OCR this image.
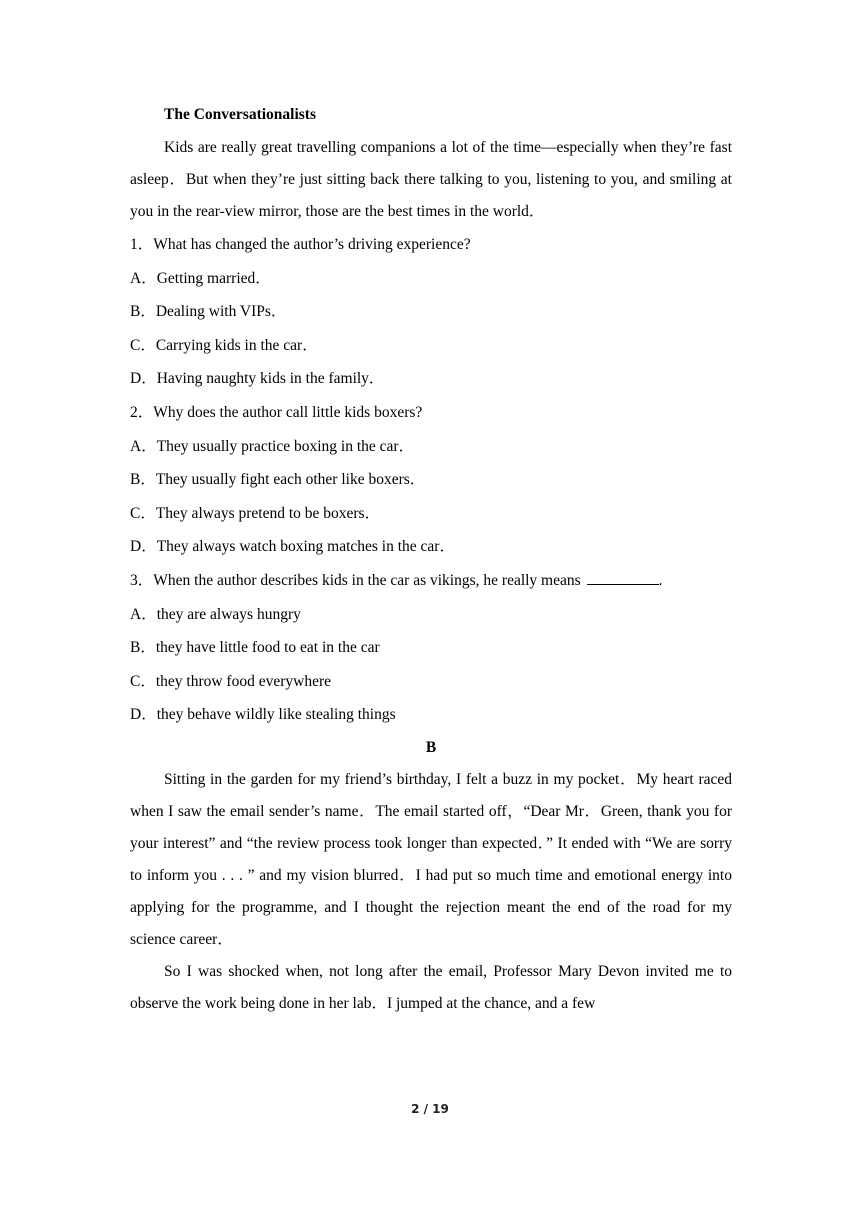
The Conversationalists

Kids are really great travelling companions a lot of the time—especially when they’re fast asleep．But when they’re just sitting back there talking to you, listening to you, and smiling at you in the rear-view mirror, those are the best times in the world．

1．What has changed the author’s driving experience?

A．Getting married．

B．Dealing with VIPs．

C．Carrying kids in the car．

D．Having naughty kids in the family．

2．Why does the author call little kids boxers?

A．They usually practice boxing in the car．

B．They usually fight each other like boxers．

C．They always pretend to be boxers．

D．They always watch boxing matches in the car．

3．When the author describes kids in the car as vikings, he really means	.

A．they are always hungry

B．they have little food to eat in the car

C．they throw food everywhere

D．they behave wildly like stealing things

B

Sitting in the garden for my friend’s birthday, I felt a buzz in my pocket．My heart raced when I saw the email sender’s name．The email started off，“Dear Mr．Green, thank you for your interest” and “the review process took longer than expected．” It ended with “We are sorry to inform you . . . ” and my vision blurred．I had put so much time and emotional energy into applying for the programme, and I thought the rejection meant the end of the road for my science career．

So I was shocked when, not long after the email, Professor Mary Devon invited me to observe the work being done in her lab．I jumped at the chance, and a few

2 / 19
